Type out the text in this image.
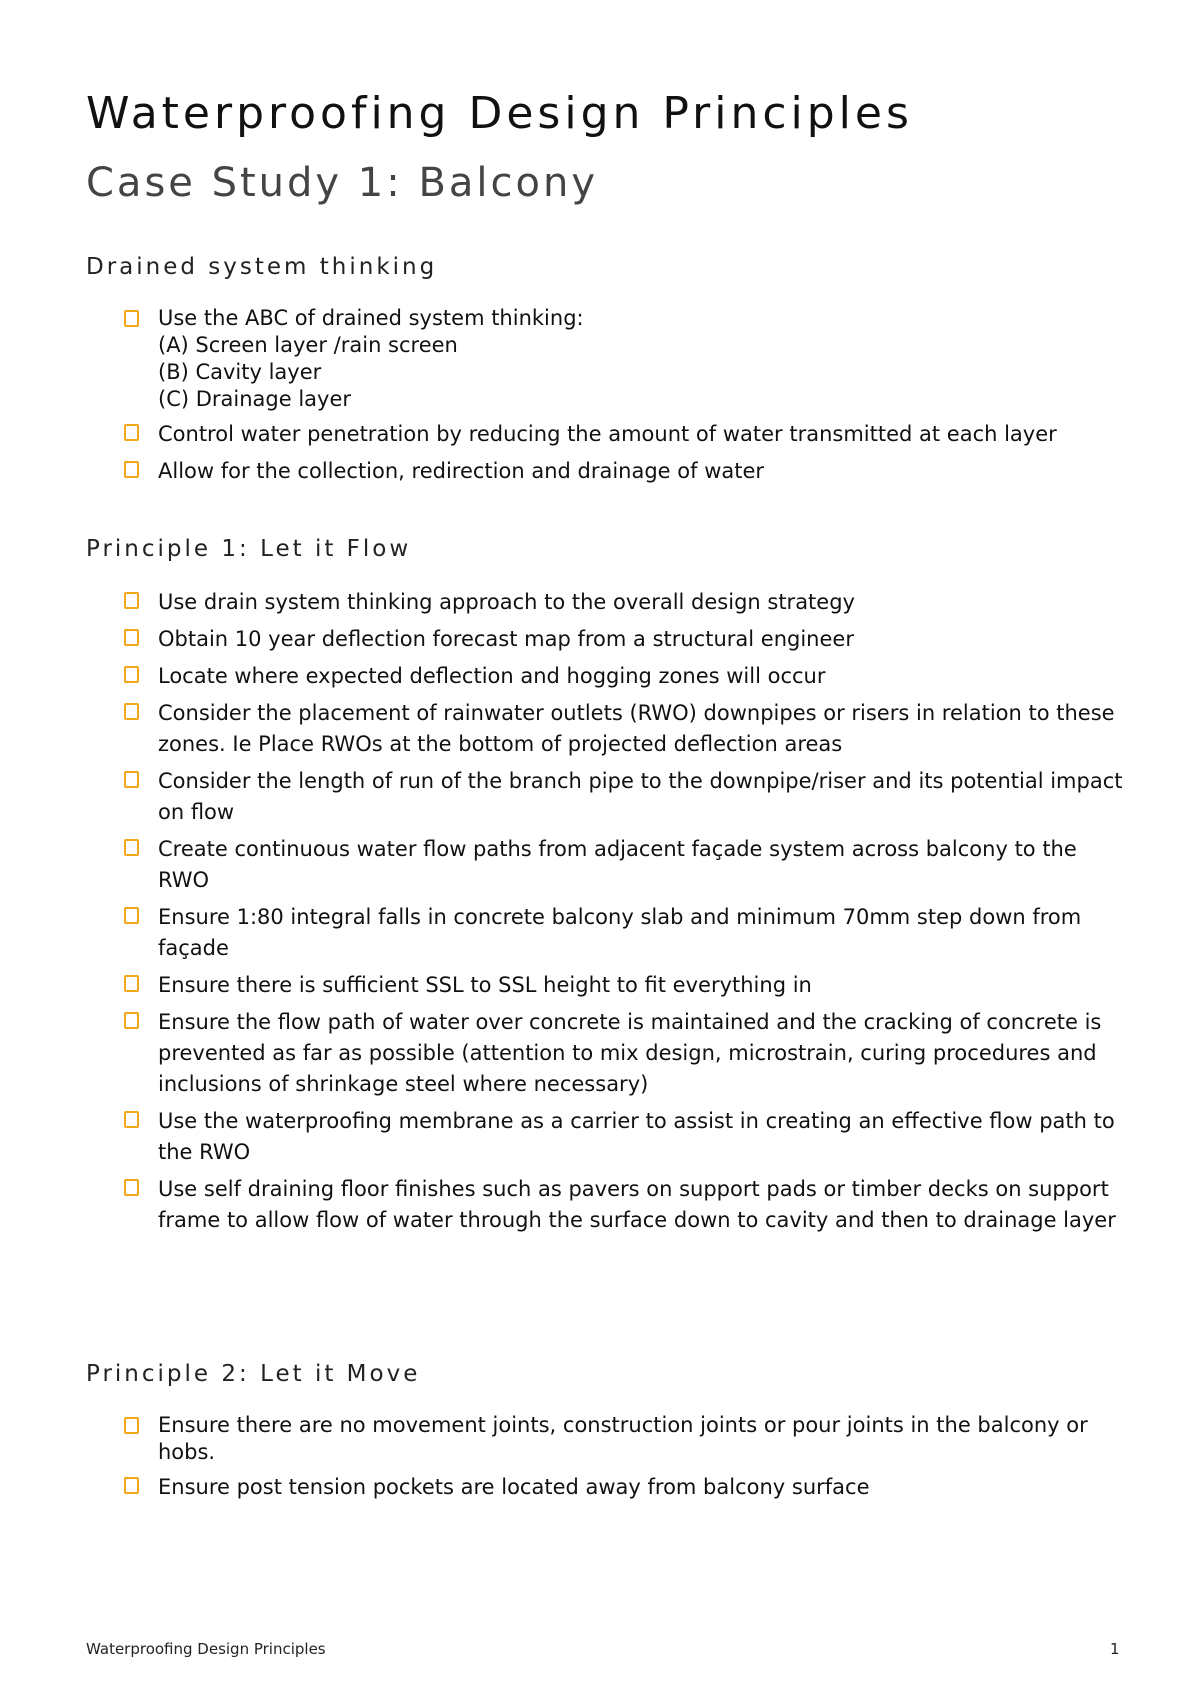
Waterproofing Design Principles
Case Study 1: Balcony
Drained system thinking
Use the ABC of drained system thinking:
(A) Screen layer /rain screen
(B) Cavity layer
(C) Drainage layer
Control water penetration by reducing the amount of water transmitted at each layer
Allow for the collection, redirection and drainage of water
Principle 1: Let it Flow
Use drain system thinking approach to the overall design strategy
Obtain 10 year deflection forecast map from a structural engineer
Locate where expected deflection and hogging zones will occur
Consider the placement of rainwater outlets (RWO) downpipes or risers in relation to these zones. Ie Place RWOs at the bottom of projected deflection areas
Consider the length of run of the branch pipe to the downpipe/riser and its potential impact on flow
Create continuous water flow paths from adjacent façade system across balcony to the RWO
Ensure 1:80 integral falls in concrete balcony slab and minimum 70mm step down from façade
Ensure there is sufficient SSL to SSL height to fit everything in
Ensure the flow path of water over concrete is maintained and the cracking of concrete is prevented as far as possible (attention to mix design, microstrain, curing procedures and inclusions of shrinkage steel where necessary)
Use the waterproofing membrane as a carrier to assist in creating an effective flow path to the RWO
Use self draining floor finishes such as pavers on support pads or timber decks on support frame to allow flow of water through the surface down to cavity and then to drainage layer
Principle 2: Let it Move
Ensure there are no movement joints, construction joints or pour joints in the balcony or hobs.
Ensure post tension pockets are located away from balcony surface
Waterproofing Design Principles	1
